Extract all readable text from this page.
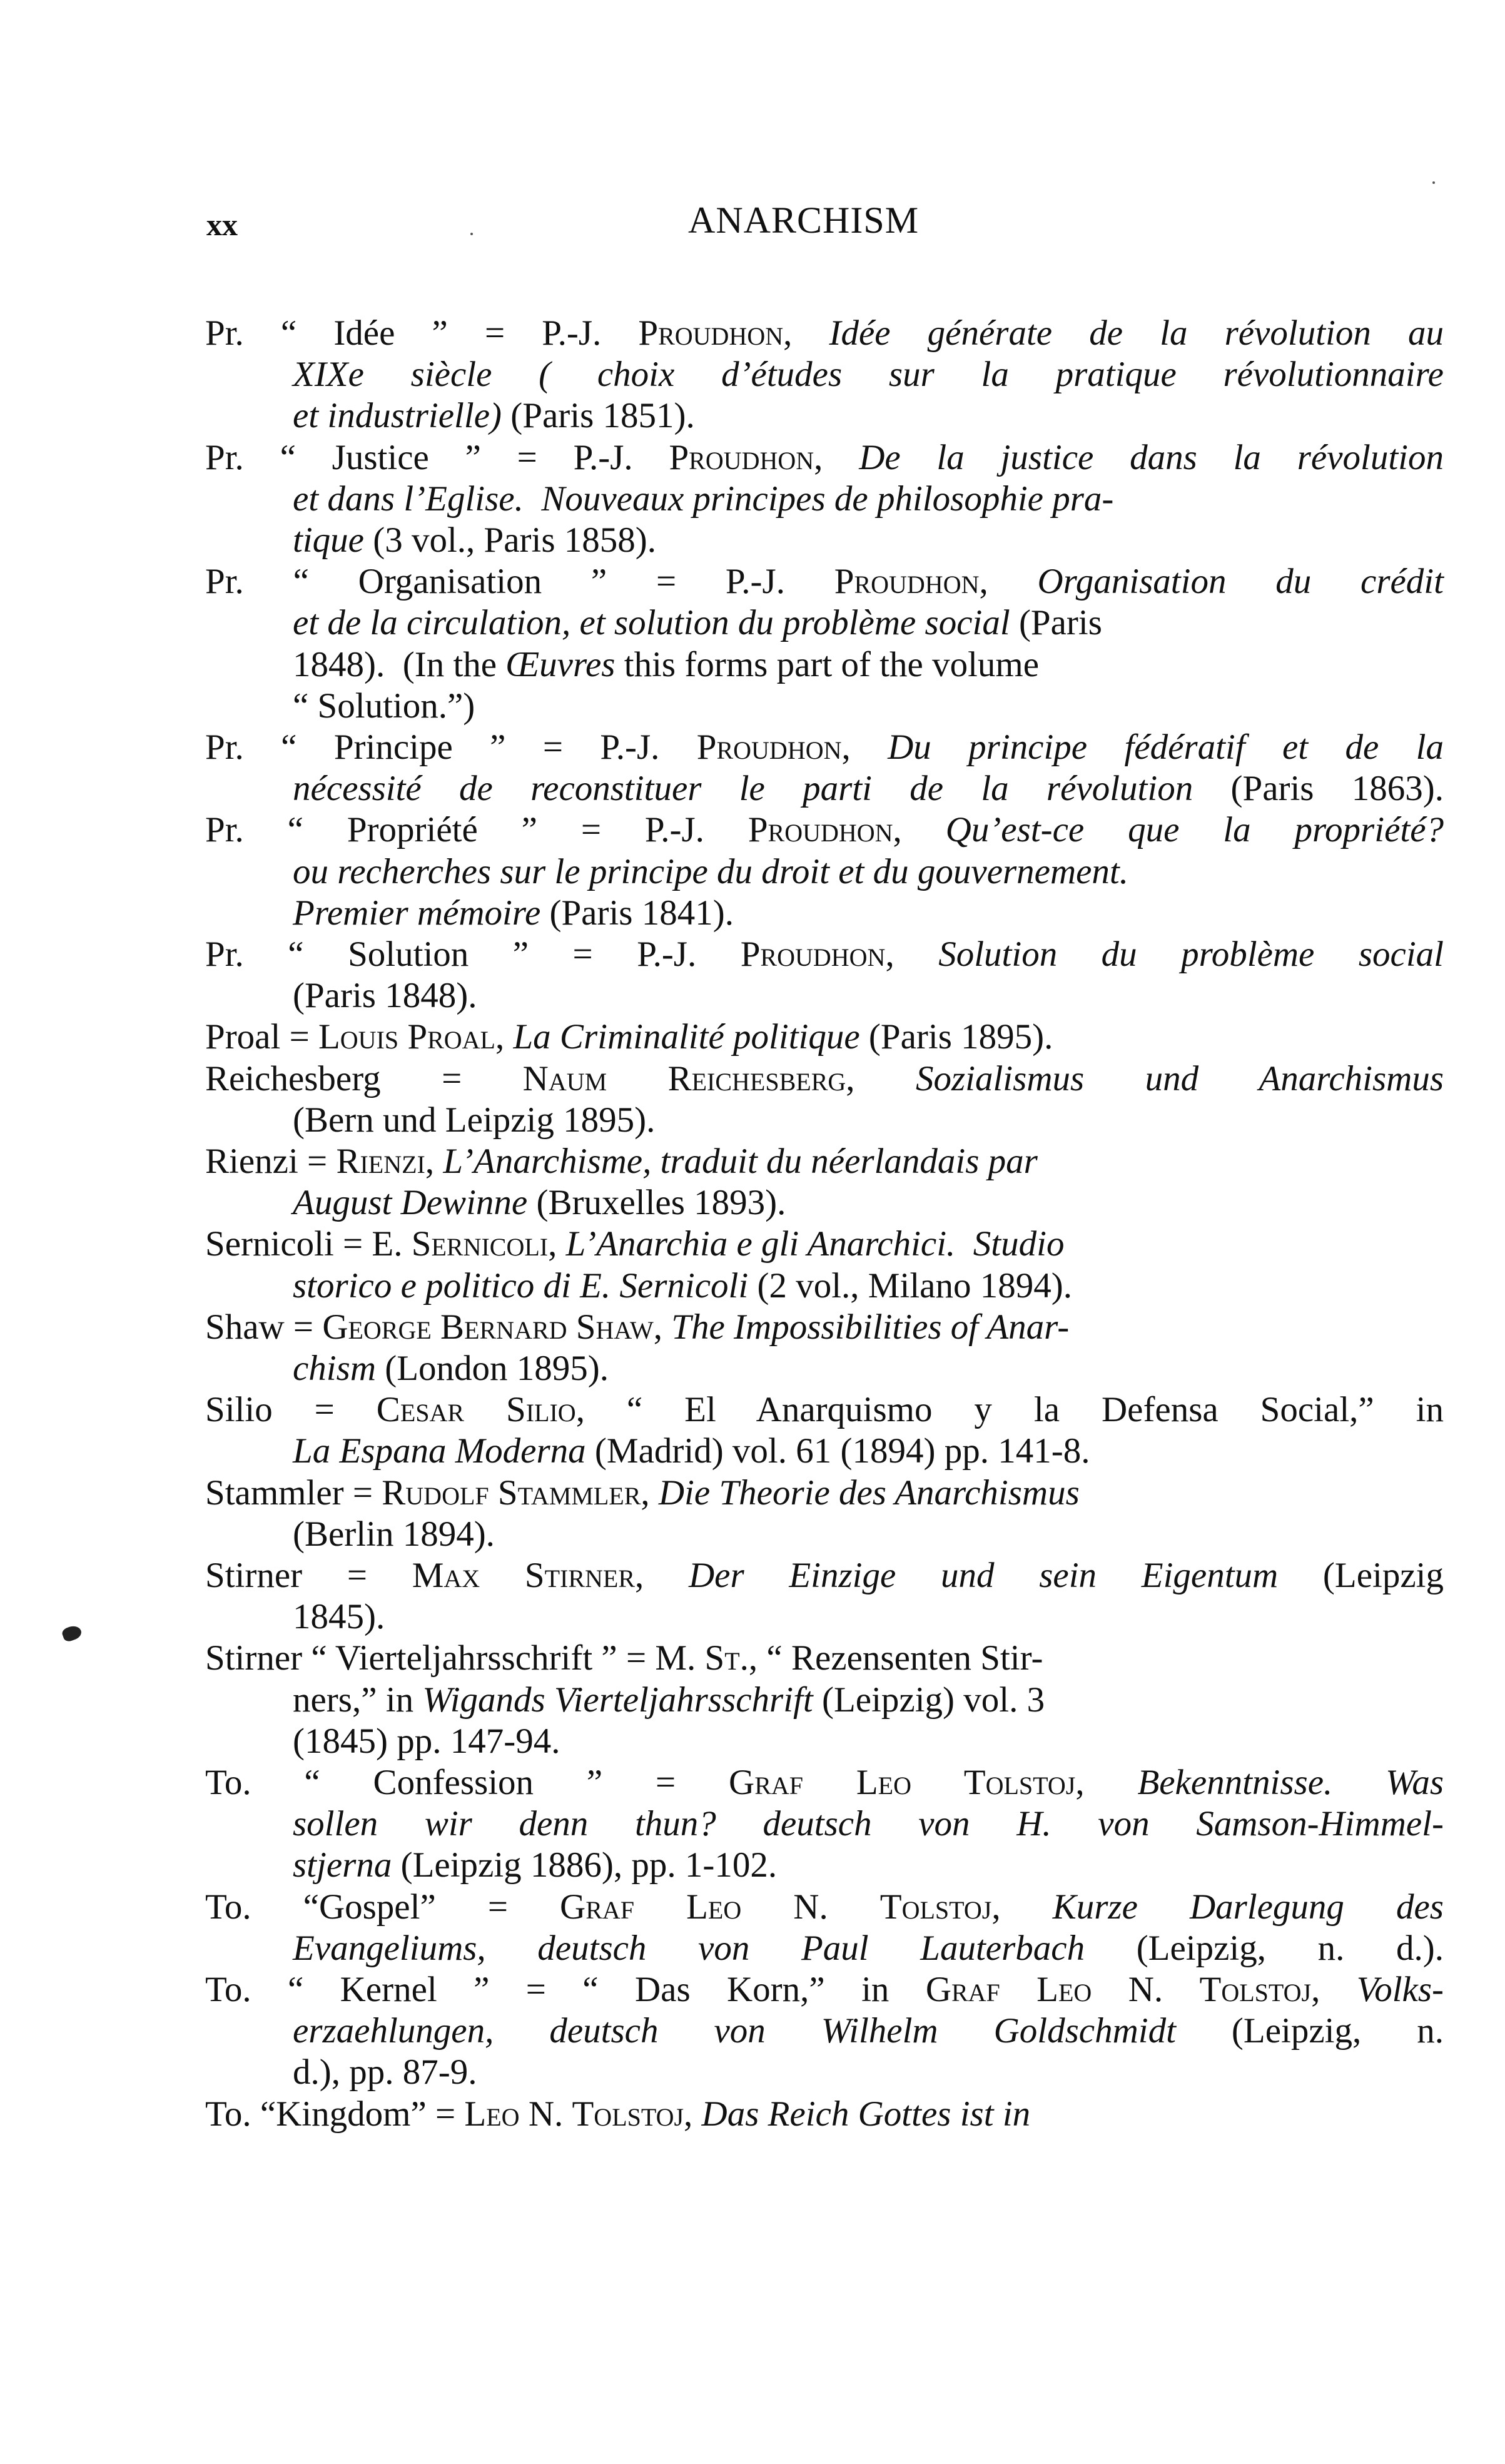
xx	ANARCHISM
Pr. “ Idée ” = P.-J. Proudhon, Idée générate de la révolution au
XIXe siècle ( choix d’études sur la pratique révolutionnaire
et industrielle) (Paris 1851).
Pr. “ Justice ” = P.-J. Proudhon, De la justice dans la révolution
et dans l’Eglise.  Nouveaux principes de philosophie pra-
tique (3 vol., Paris 1858).
Pr. “ Organisation ” = P.-J. Proudhon, Organisation du crédit
et de la circulation, et solution du problème social (Paris
1848).  (In the Œuvres this forms part of the volume
“ Solution.”)
Pr. “ Principe ” = P.-J. Proudhon, Du principe fédératif et de la
nécessité de reconstituer le parti de la révolution (Paris 1863).
Pr. “ Propriété ” = P.-J. Proudhon, Qu’est-ce que la propriété?
ou recherches sur le principe du droit et du gouvernement.
Premier mémoire (Paris 1841).
Pr. “ Solution ” = P.-J. Proudhon, Solution du problème social
(Paris 1848).
Proal = Louis Proal, La Criminalité politique (Paris 1895).
Reichesberg = Naum Reichesberg, Sozialismus und Anarchismus
(Bern und Leipzig 1895).
Rienzi = Rienzi, L’Anarchisme, traduit du néerlandais par
August Dewinne (Bruxelles 1893).
Sernicoli = E. Sernicoli, L’Anarchia e gli Anarchici.  Studio
storico e politico di E. Sernicoli (2 vol., Milano 1894).
Shaw = George Bernard Shaw, The Impossibilities of Anar-
chism (London 1895).
Silio = Cesar Silio, “ El Anarquismo y la Defensa Social,” in
La Espana Moderna (Madrid) vol. 61 (1894) pp. 141-8.
Stammler = Rudolf Stammler, Die Theorie des Anarchismus
(Berlin 1894).
Stirner = Max Stirner, Der Einzige und sein Eigentum (Leipzig
1845).
Stirner “ Vierteljahrsschrift ” = M. St., “ Rezensenten Stir-
ners,” in Wigands Vierteljahrsschrift (Leipzig) vol. 3
(1845) pp. 147-94.
To. “ Confession ” = Graf Leo Tolstoj, Bekenntnisse. Was
sollen wir denn thun? deutsch von H. von Samson-Himmel-
stjerna (Leipzig 1886), pp. 1-102.
To. “Gospel” = Graf Leo N. Tolstoj, Kurze Darlegung des
Evangeliums, deutsch von Paul Lauterbach (Leipzig, n. d.).
To. “ Kernel ” = “ Das Korn,” in Graf Leo N. Tolstoj, Volks-
erzaehlungen, deutsch von Wilhelm Goldschmidt (Leipzig, n.
d.), pp. 87-9.
To. “Kingdom” = Leo N. Tolstoj, Das Reich Gottes ist in
